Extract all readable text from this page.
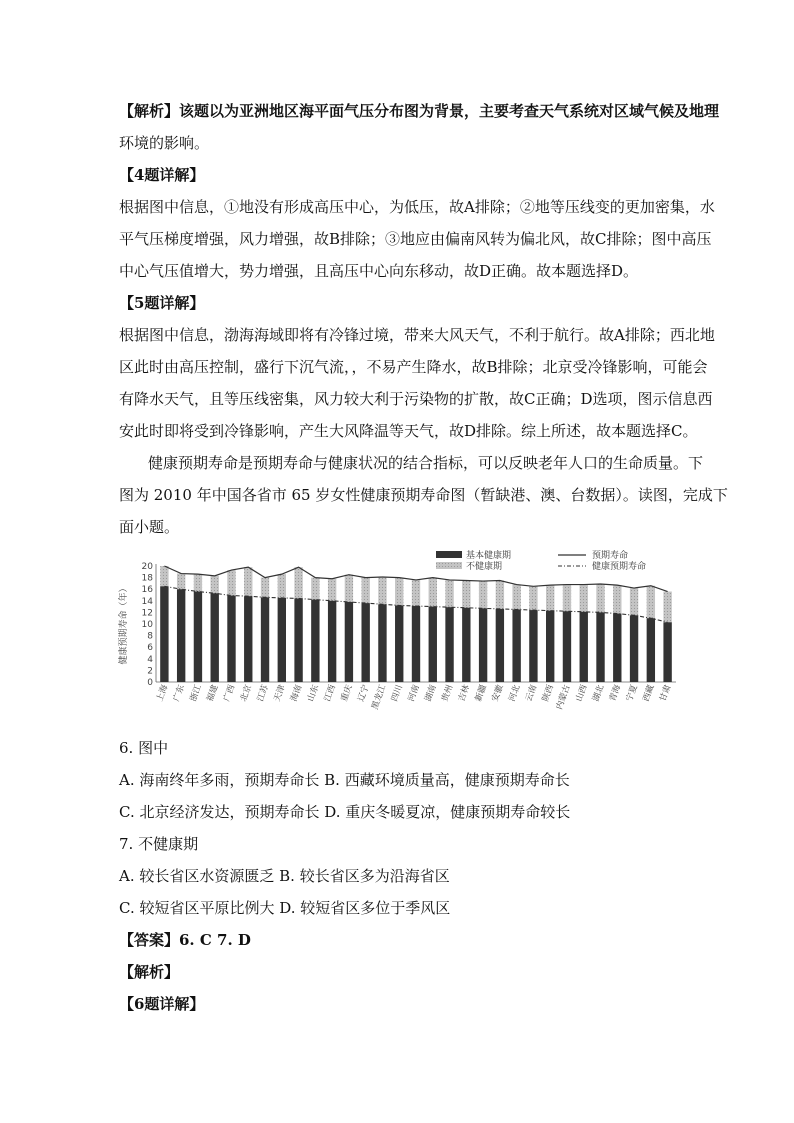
【解析】该题以为亚洲地区海平面气压分布图为背景，主要考查天气系统对区域气候及地理
环境的影响。
【4题详解】
根据图中信息，①地没有形成高压中心，为低压，故A排除；②地等压线变的更加密集，水
平气压梯度增强，风力增强，故B排除；③地应由偏南风转为偏北风，故C排除；图中高压
中心气压值增大，势力增强，且高压中心向东移动，故D正确。故本题选择D。
【5题详解】
根据图中信息，渤海海域即将有冷锋过境，带来大风天气，不利于航行。故A排除；西北地
区此时由高压控制，盛行下沉气流，，不易产生降水，故B排除；北京受冷锋影响，可能会
有降水天气，且等压线密集，风力较大利于污染物的扩散，故C正确；D选项，图示信息西
安此时即将受到冷锋影响，产生大风降温等天气，故D排除。综上所述，故本题选择C。
健康预期寿命是预期寿命与健康状况的结合指标，可以反映老年人口的生命质量。下
图为 2010 年中国各省市 65 岁女性健康预期寿命图（暂缺港、澳、台数据）。读图，完成下
面小题。
健康预期寿命（年）
0
2
4
6
8
10
12
14
16
18
20
上海 广东 浙江 福建 广西 北京 江苏 天津 海南 山东 江西 重庆 辽宁
黑龙江 四川 河南 湖南 贵州 吉林 新疆 安徽 河北 云南 陕西
内蒙古 山西 湖北 青海 宁夏 西藏 甘肃
基本健康期
不健康期
预期寿命
健康预期寿命
6. 图中
A. 海南终年多雨，预期寿命长 B. 西藏环境质量高，健康预期寿命长
C. 北京经济发达，预期寿命长 D. 重庆冬暖夏凉，健康预期寿命较长
7. 不健康期
A. 较长省区水资源匮乏 B. 较长省区多为沿海省区
C. 较短省区平原比例大 D. 较短省区多位于季风区
【答案】6. C 7. D
【解析】
【6题详解】
